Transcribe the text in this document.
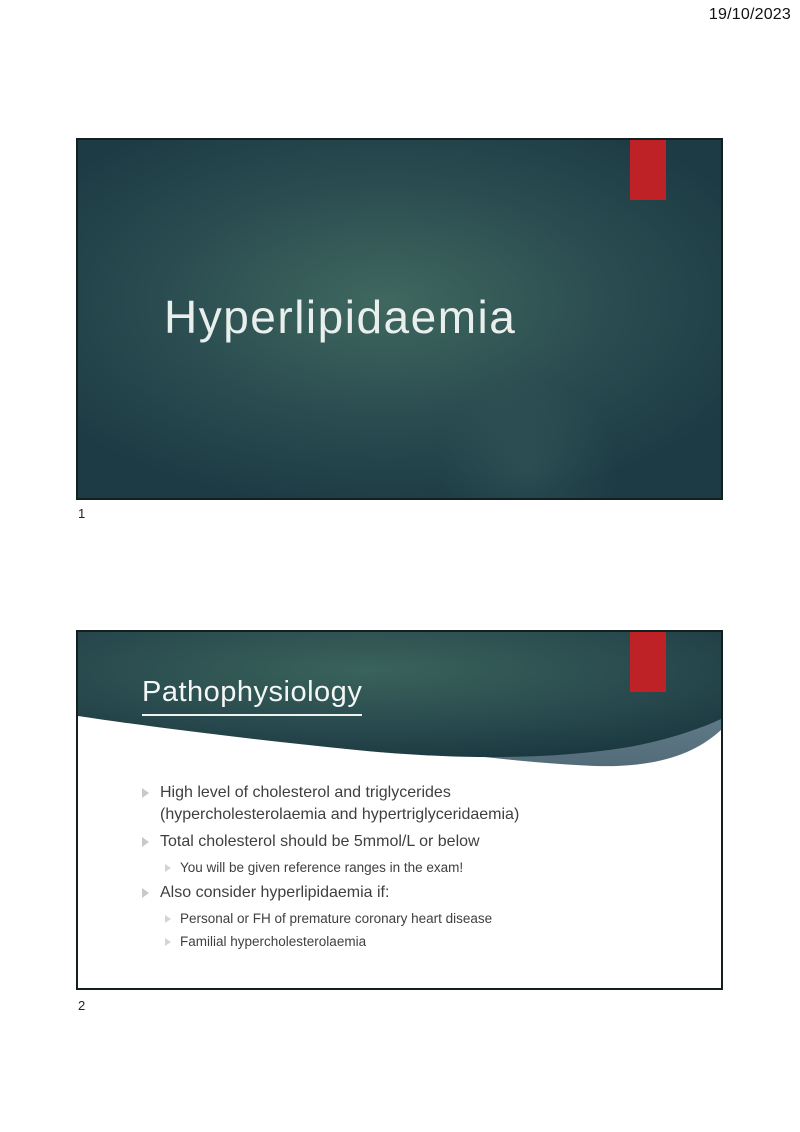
19/10/2023
Hyperlipidaemia
1
Pathophysiology
High level of cholesterol and triglycerides (hypercholesterolaemia and hypertriglyceridaemia)
Total cholesterol should be 5mmol/L or below
You will be given reference ranges in the exam!
Also consider hyperlipidaemia if:
Personal or FH of premature coronary heart disease
Familial hypercholesterolaemia
2
